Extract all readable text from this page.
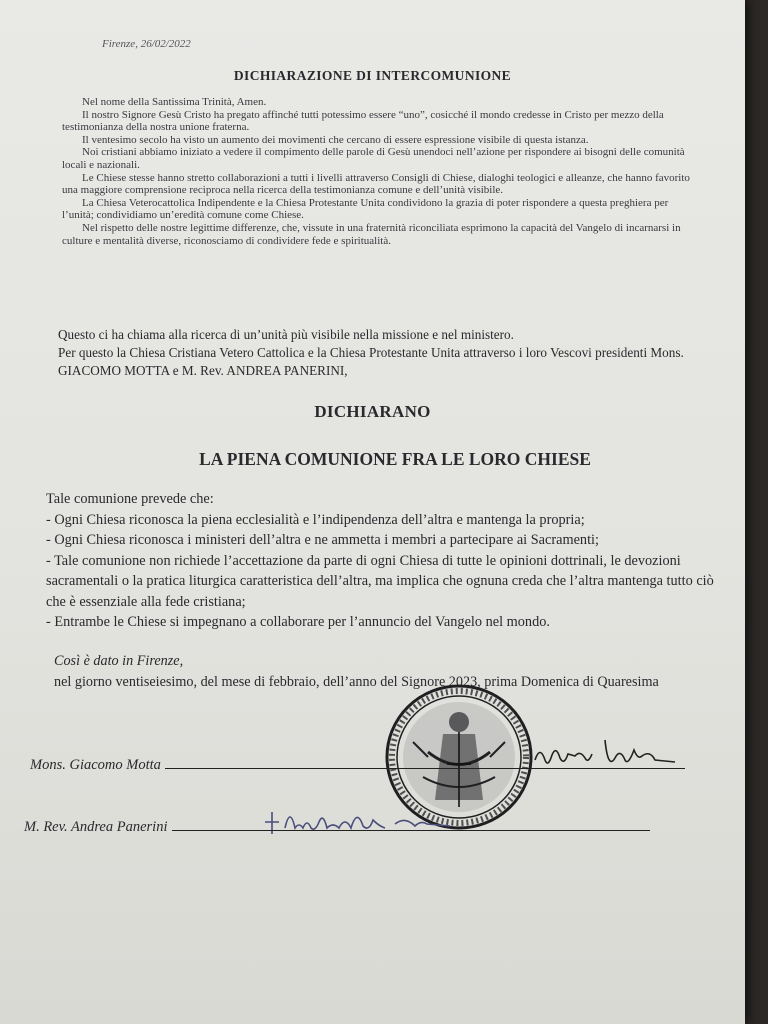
Firenze, 26/02/2022
DICHIARAZIONE DI INTERCOMUNIONE

Nel nome della Santissima Trinità, Amen.

Il nostro Signore Gesù Cristo ha pregato affinché tutti potessimo essere “uno”, cosicché il mondo credesse in Cristo per mezzo della testimonianza della nostra unione fraterna.

Il ventesimo secolo ha visto un aumento dei movimenti che cercano di essere espressione visibile di questa istanza.

Noi cristiani abbiamo iniziato a vedere il compimento delle parole di Gesù unendoci nell’azione per rispondere ai bisogni delle comunità locali e nazionali.

Le Chiese stesse hanno stretto collaborazioni a tutti i livelli attraverso Consigli di Chiese, dialoghi teologici e alleanze, che hanno favorito una maggiore comprensione reciproca nella ricerca della testimonianza comune e dell’unità visibile.

La Chiesa Veterocattolica Indipendente e la Chiesa Protestante Unita condividono la grazia di poter rispondere a questa preghiera per l’unità; condividiamo un’eredità comune come Chiese.

Nel rispetto delle nostre legittime differenze, che, vissute in una fraternità riconciliata esprimono la capacità del Vangelo di incarnarsi in culture e mentalità diverse, riconosciamo di condividere fede e spiritualità.

Questo ci ha chiama alla ricerca di un’unità più visibile nella missione e nel ministero.

Per questo la Chiesa Cristiana Vetero Cattolica e la Chiesa Protestante Unita attraverso i loro Vescovi presidenti Mons. GIACOMO MOTTA e M. Rev. ANDREA PANERINI,

DICHIARANO
LA PIENA COMUNIONE FRA LE LORO CHIESE

Tale comunione prevede che:

- Ogni Chiesa riconosca la piena ecclesialità e l’indipendenza dell’altra e mantenga la propria;

- Ogni Chiesa riconosca i ministeri dell’altra e ne ammetta i membri a partecipare ai Sacramenti;

- Tale comunione non richiede l’accettazione da parte di ogni Chiesa di tutte le opinioni dottrinali, le devozioni sacramentali o la pratica liturgica caratteristica dell’altra, ma implica che ognuna creda che l’altra mantenga tutto ciò che è essenziale alla fede cristiana;

- Entrambe le Chiese si impegnano a collaborare per l’annuncio del Vangelo nel mondo.

Così è dato in Firenze,

nel giorno ventiseiesimo, del mese di febbraio, dell’anno del Signore 2023, prima Domenica di Quaresima

Mons. Giacomo Motta
M. Rev. Andrea Panerini
